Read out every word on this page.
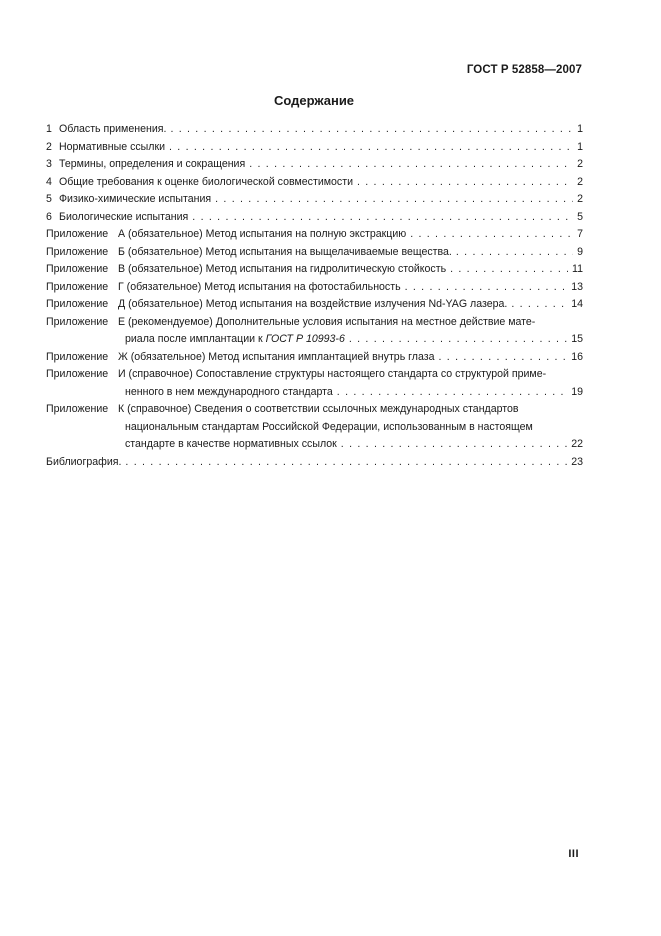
ГОСТ Р 52858—2007
Содержание
1 Область применения. . . .	1
2 Нормативные ссылки . . .	1
3 Термины, определения и сокращения . . .	2
4 Общие требования к оценке биологической совместимости . . .	2
5 Физико-химические испытания . . .	2
6 Биологические испытания . . .	5
Приложение А (обязательное) Метод испытания на полную экстракцию . . .	7
Приложение Б (обязательное) Метод испытания на выщелачиваемые вещества. . . .	9
Приложение В (обязательное) Метод испытания на гидролитическую стойкость . . .	11
Приложение Г (обязательное) Метод испытания на фотостабильность . . .	13
Приложение Д (обязательное) Метод испытания на воздействие излучения Nd-YAG лазера. . . .	14
Приложение Е (рекомендуемое) Дополнительные условия испытания на местное действие мате-
риала после имплантации к
ГОСТ Р 10993-6 . . .	15
Приложение Ж (обязательное) Метод испытания имплантацией внутрь глаза . . .	16
Приложение И (справочное) Сопоставление структуры настоящего стандарта со структурой приме-
ненного в нем международного стандарта . . .	19
Приложение К (справочное) Сведения о соответствии ссылочных международных стандартов
национальным стандартам Российской Федерации, использованным в настоящем
стандарте в качестве нормативных ссылок . . .	22
Библиография. . . .	23
III
